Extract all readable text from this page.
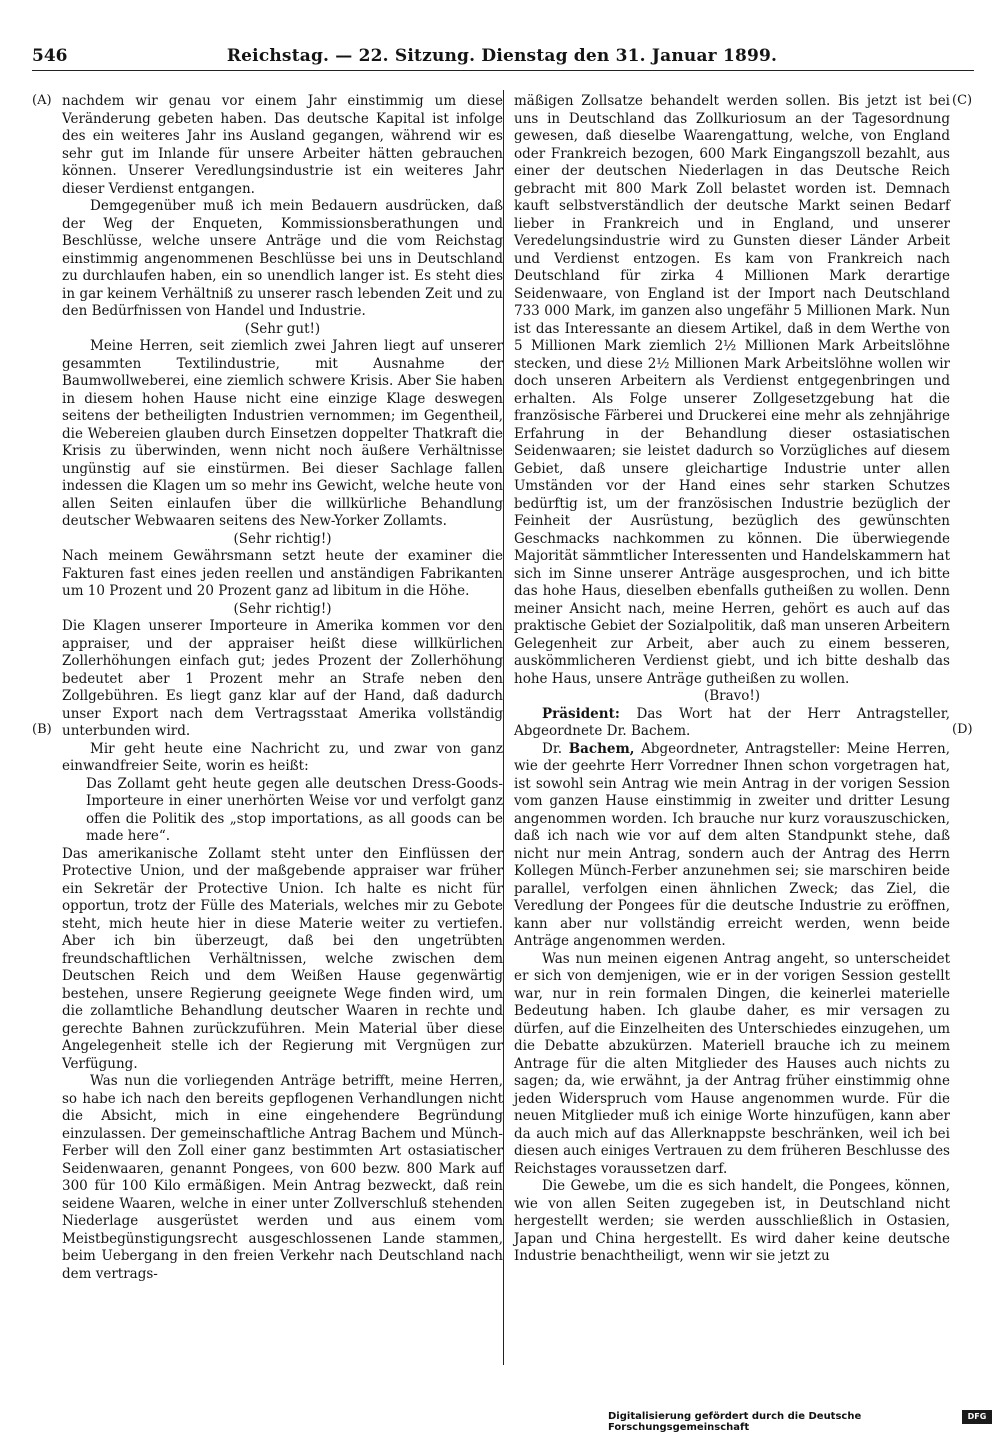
546	Reichstag. — 22. Sitzung. Dienstag den 31. Januar 1899.
(A)
(B)
(C)
(D)

nachdem wir genau vor einem Jahr einstimmig um diese Veränderung gebeten haben. Das deutsche Kapital ist infolge des ein weiteres Jahr ins Ausland gegangen, während wir es sehr gut im Inlande für unsere Arbeiter hätten gebrauchen können. Unserer Veredlungsindustrie ist ein weiteres Jahr dieser Verdienst entgangen.

Demgegenüber muß ich mein Bedauern ausdrücken, daß der Weg der Enqueten, Kommissionsberathungen und Beschlüsse, welche unsere Anträge und die vom Reichstag einstimmig angenommenen Beschlüsse bei uns in Deutschland zu durchlaufen haben, ein so unendlich langer ist. Es steht dies in gar keinem Verhältniß zu unserer rasch lebenden Zeit und zu den Bedürfnissen von Handel und Industrie.

(Sehr gut!)

Meine Herren, seit ziemlich zwei Jahren liegt auf unserer gesammten Textilindustrie, mit Ausnahme der Baumwollweberei, eine ziemlich schwere Krisis. Aber Sie haben in diesem hohen Hause nicht eine einzige Klage deswegen seitens der betheiligten Industrien vernommen; im Gegentheil, die Webereien glauben durch Einsetzen doppelter Thatkraft die Krisis zu überwinden, wenn nicht noch äußere Verhältnisse ungünstig auf sie einstürmen. Bei dieser Sachlage fallen indessen die Klagen um so mehr ins Gewicht, welche heute von allen Seiten einlaufen über die willkürliche Behandlung deutscher Webwaaren seitens des New-Yorker Zollamts.

(Sehr richtig!)

Nach meinem Gewährsmann setzt heute der examiner die Fakturen fast eines jeden reellen und anständigen Fabrikanten um 10 Prozent und 20 Prozent ganz ad libitum in die Höhe.

(Sehr richtig!)

Die Klagen unserer Importeure in Amerika kommen vor den appraiser, und der appraiser heißt diese willkürlichen Zollerhöhungen einfach gut; jedes Prozent der Zollerhöhung bedeutet aber 1 Prozent mehr an Strafe neben den Zollgebühren. Es liegt ganz klar auf der Hand, daß dadurch unser Export nach dem Vertragsstaat Amerika vollständig unterbunden wird.

Mir geht heute eine Nachricht zu, und zwar von ganz einwandfreier Seite, worin es heißt:

Das Zollamt geht heute gegen alle deutschen Dress-Goods-Importeure in einer unerhörten Weise vor und verfolgt ganz offen die Politik des „stop importations, as all goods can be made here“.

Das amerikanische Zollamt steht unter den Einflüssen der Protective Union, und der maßgebende appraiser war früher ein Sekretär der Protective Union. Ich halte es nicht für opportun, trotz der Fülle des Materials, welches mir zu Gebote steht, mich heute hier in diese Materie weiter zu vertiefen. Aber ich bin überzeugt, daß bei den ungetrübten freundschaftlichen Verhältnissen, welche zwischen dem Deutschen Reich und dem Weißen Hause gegenwärtig bestehen, unsere Regierung geeignete Wege finden wird, um die zollamtliche Behandlung deutscher Waaren in rechte und gerechte Bahnen zurückzuführen. Mein Material über diese Angelegenheit stelle ich der Regierung mit Vergnügen zur Verfügung.

Was nun die vorliegenden Anträge betrifft, meine Herren, so habe ich nach den bereits gepflogenen Verhandlungen nicht die Absicht, mich in eine eingehendere Begründung einzulassen. Der gemeinschaftliche Antrag Bachem und Münch-Ferber will den Zoll einer ganz bestimmten Art ostasiatischer Seidenwaaren, genannt Pongees, von 600 bezw. 800 Mark auf 300 für 100 Kilo ermäßigen. Mein Antrag bezweckt, daß rein seidene Waaren, welche in einer unter Zollverschluß stehenden Niederlage ausgerüstet werden und aus einem vom Meistbegünstigungsrecht ausgeschlossenen Lande stammen, beim Uebergang in den freien Verkehr nach Deutschland nach dem vertrags-

mäßigen Zollsatze behandelt werden sollen. Bis jetzt ist bei uns in Deutschland das Zollkuriosum an der Tagesordnung gewesen, daß dieselbe Waarengattung, welche, von England oder Frankreich bezogen, 600 Mark Eingangszoll bezahlt, aus einer der deutschen Niederlagen in das Deutsche Reich gebracht mit 800 Mark Zoll belastet worden ist. Demnach kauft selbstverständlich der deutsche Markt seinen Bedarf lieber in Frankreich und in England, und unserer Veredelungsindustrie wird zu Gunsten dieser Länder Arbeit und Verdienst entzogen. Es kam von Frankreich nach Deutschland für zirka 4 Millionen Mark derartige Seidenwaare, von England ist der Import nach Deutschland 733 000 Mark, im ganzen also ungefähr 5 Millionen Mark. Nun ist das Interessante an diesem Artikel, daß in dem Werthe von 5 Millionen Mark ziemlich 2½ Millionen Mark Arbeitslöhne stecken, und diese 2½ Millionen Mark Arbeitslöhne wollen wir doch unseren Arbeitern als Verdienst entgegenbringen und erhalten. Als Folge unserer Zollgesetzgebung hat die französische Färberei und Druckerei eine mehr als zehnjährige Erfahrung in der Behandlung dieser ostasiatischen Seidenwaaren; sie leistet dadurch so Vorzügliches auf diesem Gebiet, daß unsere gleichartige Industrie unter allen Umständen vor der Hand eines sehr starken Schutzes bedürftig ist, um der französischen Industrie bezüglich der Feinheit der Ausrüstung, bezüglich des gewünschten Geschmacks nachkommen zu können. Die überwiegende Majorität sämmtlicher Interessenten und Handelskammern hat sich im Sinne unserer Anträge ausgesprochen, und ich bitte das hohe Haus, dieselben ebenfalls gutheißen zu wollen. Denn meiner Ansicht nach, meine Herren, gehört es auch auf das praktische Gebiet der Sozialpolitik, daß man unseren Arbeitern Gelegenheit zur Arbeit, aber auch zu einem besseren, auskömmlicheren Verdienst giebt, und ich bitte deshalb das hohe Haus, unsere Anträge gutheißen zu wollen.

(Bravo!)

Präsident: Das Wort hat der Herr Antragsteller, Abgeordnete Dr. Bachem.

Dr. Bachem, Abgeordneter, Antragsteller: Meine Herren, wie der geehrte Herr Vorredner Ihnen schon vorgetragen hat, ist sowohl sein Antrag wie mein Antrag in der vorigen Session vom ganzen Hause einstimmig in zweiter und dritter Lesung angenommen worden. Ich brauche nur kurz vorauszuschicken, daß ich nach wie vor auf dem alten Standpunkt stehe, daß nicht nur mein Antrag, sondern auch der Antrag des Herrn Kollegen Münch-Ferber anzunehmen sei; sie marschiren beide parallel, verfolgen einen ähnlichen Zweck; das Ziel, die Veredlung der Pongees für die deutsche Industrie zu eröffnen, kann aber nur vollständig erreicht werden, wenn beide Anträge angenommen werden.

Was nun meinen eigenen Antrag angeht, so unterscheidet er sich von demjenigen, wie er in der vorigen Session gestellt war, nur in rein formalen Dingen, die keinerlei materielle Bedeutung haben. Ich glaube daher, es mir versagen zu dürfen, auf die Einzelheiten des Unterschiedes einzugehen, um die Debatte abzukürzen. Materiell brauche ich zu meinem Antrage für die alten Mitglieder des Hauses auch nichts zu sagen; da, wie erwähnt, ja der Antrag früher einstimmig ohne jeden Widerspruch vom Hause angenommen wurde. Für die neuen Mitglieder muß ich einige Worte hinzufügen, kann aber da auch mich auf das Allerknappste beschränken, weil ich bei diesen auch einiges Vertrauen zu dem früheren Beschlusse des Reichstages voraussetzen darf.

Die Gewebe, um die es sich handelt, die Pongees, können, wie von allen Seiten zugegeben ist, in Deutschland nicht hergestellt werden; sie werden ausschließlich in Ostasien, Japan und China hergestellt. Es wird daher keine deutsche Industrie benachtheiligt, wenn wir sie jetzt zu

Digitalisierung gefördert durch die Deutsche Forschungsgemeinschaft
DFG
